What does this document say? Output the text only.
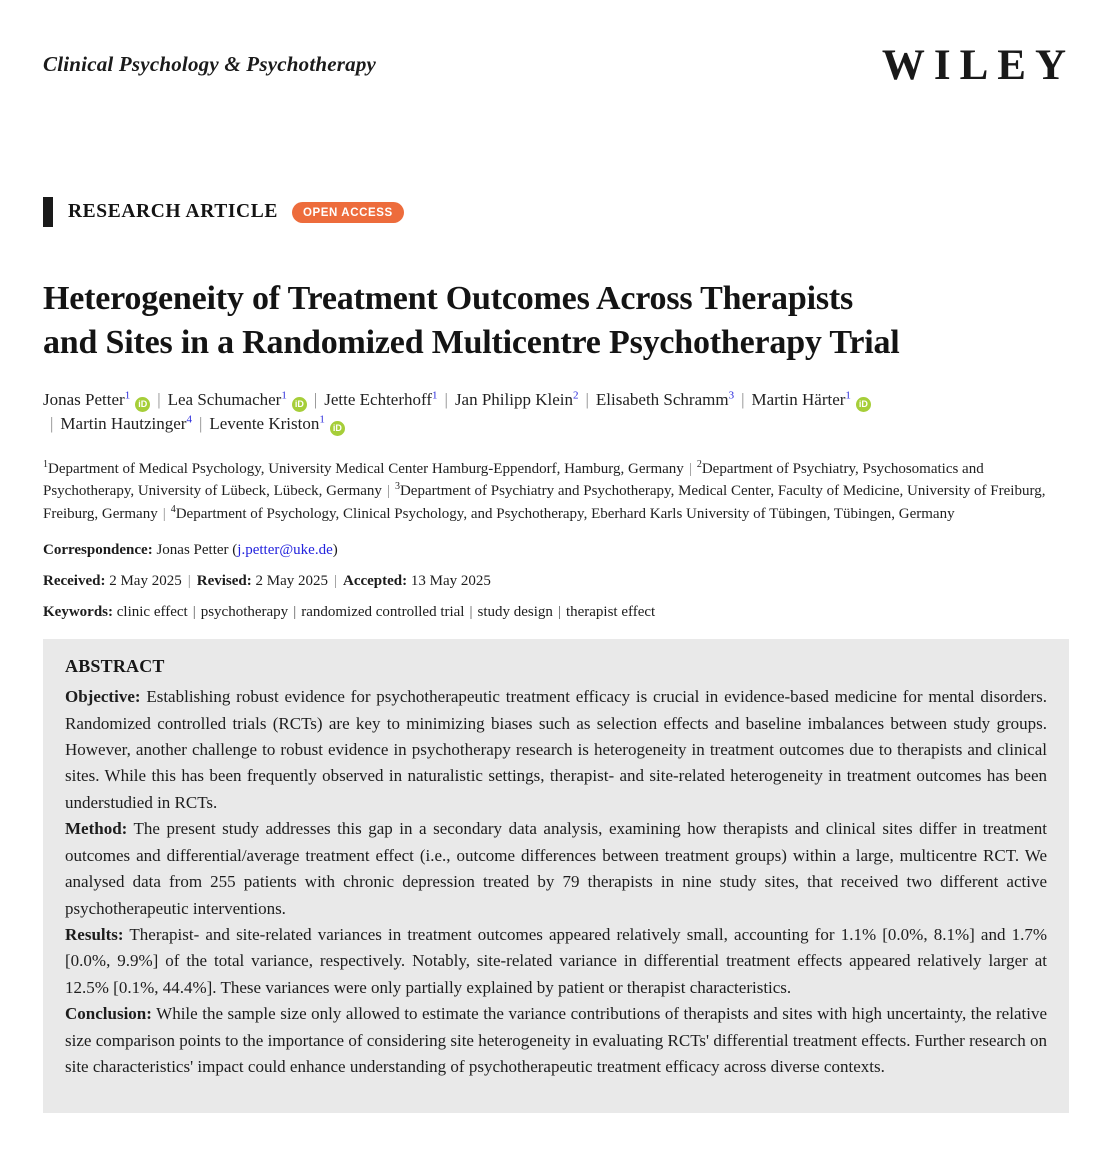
Clinical Psychology & Psychotherapy	WILEY
RESEARCH ARTICLE	OPEN ACCESS
Heterogeneity of Treatment Outcomes Across Therapists
and Sites in a Randomized Multicentre Psychotherapy Trial
Jonas Petter$^1$iD | Lea Schumacher$^1$iD | Jette Echterhoff$^1$ | Jan Philipp Klein$^2$ | Elisabeth Schramm$^3$ | Martin Härter$^1$iD| Martin Hautzinger$^4$ | Levente Kriston$^1$iD
$^1$Department of Medical Psychology, University Medical Center Hamburg-Eppendorf, Hamburg, Germany | $^2$Department of Psychiatry, Psychosomatics and Psychotherapy, University of Lübeck, Lübeck, Germany | $^3$Department of Psychiatry and Psychotherapy, Medical Center, Faculty of Medicine, University of Freiburg, Freiburg, Germany | $^4$Department of Psychology, Clinical Psychology, and Psychotherapy, Eberhard Karls University of Tübingen, Tübingen, Germany
Correspondence: Jonas Petter (j.petter@uke.de)
Received: 2 May 2025 | Revised: 2 May 2025 | Accepted: 13 May 2025
Keywords: clinic effect | psychotherapy | randomized controlled trial | study design | therapist effect
ABSTRACT

Objective: Establishing robust evidence for psychotherapeutic treatment efficacy is crucial in evidence-based medicine for mental disorders. Randomized controlled trials (RCTs) are key to minimizing biases such as selection effects and baseline imbalances between study groups. However, another challenge to robust evidence in psychotherapy research is heterogeneity in treatment outcomes due to therapists and clinical sites. While this has been frequently observed in naturalistic settings, therapist- and site-related heterogeneity in treatment outcomes has been understudied in RCTs.

Method: The present study addresses this gap in a secondary data analysis, examining how therapists and clinical sites differ in treatment outcomes and differential/average treatment effect (i.e., outcome differences between treatment groups) within a large, multicentre RCT. We analysed data from 255 patients with chronic depression treated by 79 therapists in nine study sites, that received two different active psychotherapeutic interventions.

Results: Therapist- and site-related variances in treatment outcomes appeared relatively small, accounting for 1.1% [0.0%, 8.1%] and 1.7% [0.0%, 9.9%] of the total variance, respectively. Notably, site-related variance in differential treatment effects appeared relatively larger at 12.5% [0.1%, 44.4%]. These variances were only partially explained by patient or therapist characteristics.

Conclusion: While the sample size only allowed to estimate the variance contributions of therapists and sites with high uncertainty, the relative size comparison points to the importance of considering site heterogeneity in evaluating RCTs' differential treatment effects. Further research on site characteristics' impact could enhance understanding of psychotherapeutic treatment efficacy across diverse contexts.
